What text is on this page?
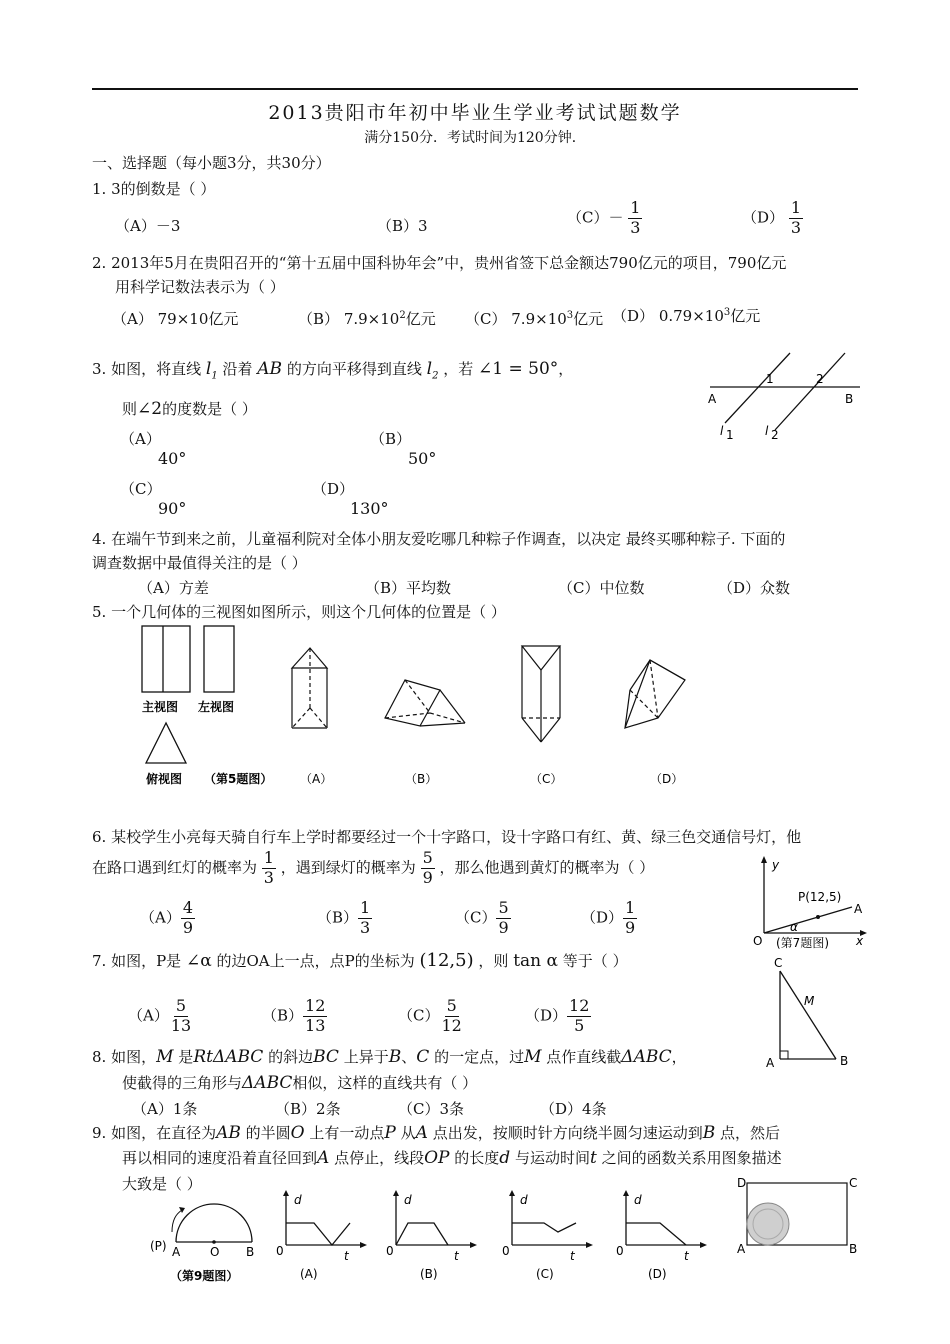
2013贵阳市年初中毕业生学业考试试题数学
满分150分．考试时间为120分钟．
一、选择题（每小题3分，共30分）
1. 3的倒数是（ ）
（A）－3	（B）3	$(C)- \frac{1}{3}$	$(D) \frac{1}{3}$
2. 2013年5月在贵阳召开的“第十五届中国科协年会”中，贵州省签下总金额达790亿元的项目，790亿元
用科学记数法表示为（ ）
（A） 79×10亿元	（B） $7.9\times 10^2$亿元 （C） $7.9\times 10^3$亿元 （D） $0.79\times 10^3$亿元
3. 如图，将直线 $l_1$ 沿着 AB 的方向平移得到直线 $l_2$ ，若 ∠1 = 50°，
则∠2的度数是（ ）
（A）
40°
（B）
50°
（C）
90°
（D）
130°
A	B
1	2
l 1	l 2
4. 在端午节到来之前，儿童福利院对全体小朋友爱吃哪几种粽子作调查，以决定 最终买哪种粽子. 下面的
调查数据中最值得关注的是（ ）
（A）方差	（B）平均数	（C）中位数	（D）众数
5. 一个几何体的三视图如图所示，则这个几何体的位置是（ ）
主视图 左视图
俯视图 （第5题图） （A）	（B）	（C）	（D）
6. 某校学生小亮每天骑自行车上学时都要经过一个十字路口，设十字路口有红、黄、绿三色交通信号灯，他
在路口遇到红灯的概率为 $\frac{1}{3}$ ，遇到绿灯的概率为 $\frac{5}{9}$ ，那么他遇到黄灯的概率为（ ）
$(A) \frac{4}{9}$	$(B) \frac{1}{3}$	$(C) \frac{5}{9}$	$(D) \frac{1}{9}$
y
x
O
P(12,5)
A
α
(第7题图)
7. 如图，P是 ∠α 的边OA上一点，点P的坐标为 (12,5) ，则 tan α 等于（ ）
$(A) \frac{5}{13}$	$(B) \frac{12}{13}$	$(C) \frac{5}{12}$	$(D) \frac{12}{5}$
C
M
A	B
8. 如图，M 是RtΔABC 的斜边BC 上异于B、C 的一定点，过M 点作直线截ΔABC，
使截得的三角形与ΔABC相似，这样的直线共有（ ）
（A）1条	（B）2条	（C）3条	（D）4条
9. 如图，在直径为AB 的半圆O 上有一动点P 从A 点出发，按顺时针方向绕半圆匀速运动到B 点，然后
再以相同的速度沿着直径回到A 点停止，线段OP 的长度d 与运动时间t 之间的函数关系用图象描述
大致是（ ）
(P) A O B
（第9题图）
d
0	t
(A)
d
0	t
(B)
d
0	t
(C)
d
0	t
(D)
D	C
A	B
